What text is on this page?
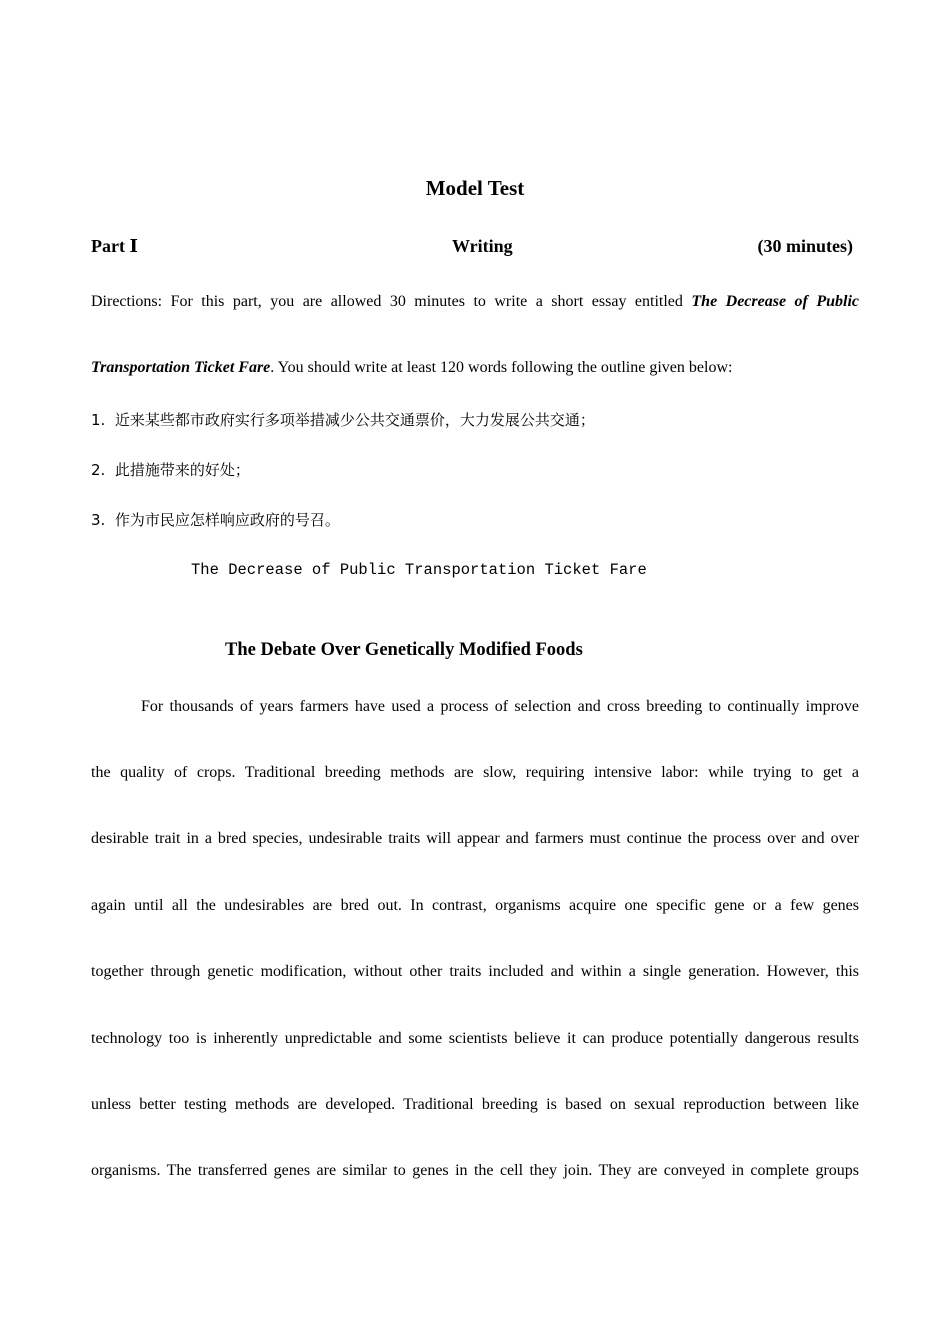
Model Test
Part Ⅰ	Writing	(30 minutes)
Directions: For this part, you are allowed 30 minutes to write a short essay entitled The Decrease of Public
Transportation Ticket Fare. You should write at least 120 words following the outline given below:
1. 近来某些都市政府实行多项举措减少公共交通票价，大力发展公共交通；
2. 此措施带来的好处；
3. 作为市民应怎样响应政府的号召。
The Decrease of Public Transportation Ticket Fare
The Debate Over Genetically Modified Foods
For thousands of years farmers have used a process of selection and cross breeding to continually improve
the quality of crops. Traditional breeding methods are slow, requiring intensive labor: while trying to get a
desirable trait in a bred species, undesirable traits will appear and farmers must continue the process over and over
again until all the undesirables are bred out. In contrast, organisms acquire one specific gene or a few genes
together through genetic modification, without other traits included and within a single generation. However, this
technology too is inherently unpredictable and some scientists believe it can produce potentially dangerous results
unless better testing methods are developed. Traditional breeding is based on sexual reproduction between like
organisms. The transferred genes are similar to genes in the cell they join. They are conveyed in complete groups
